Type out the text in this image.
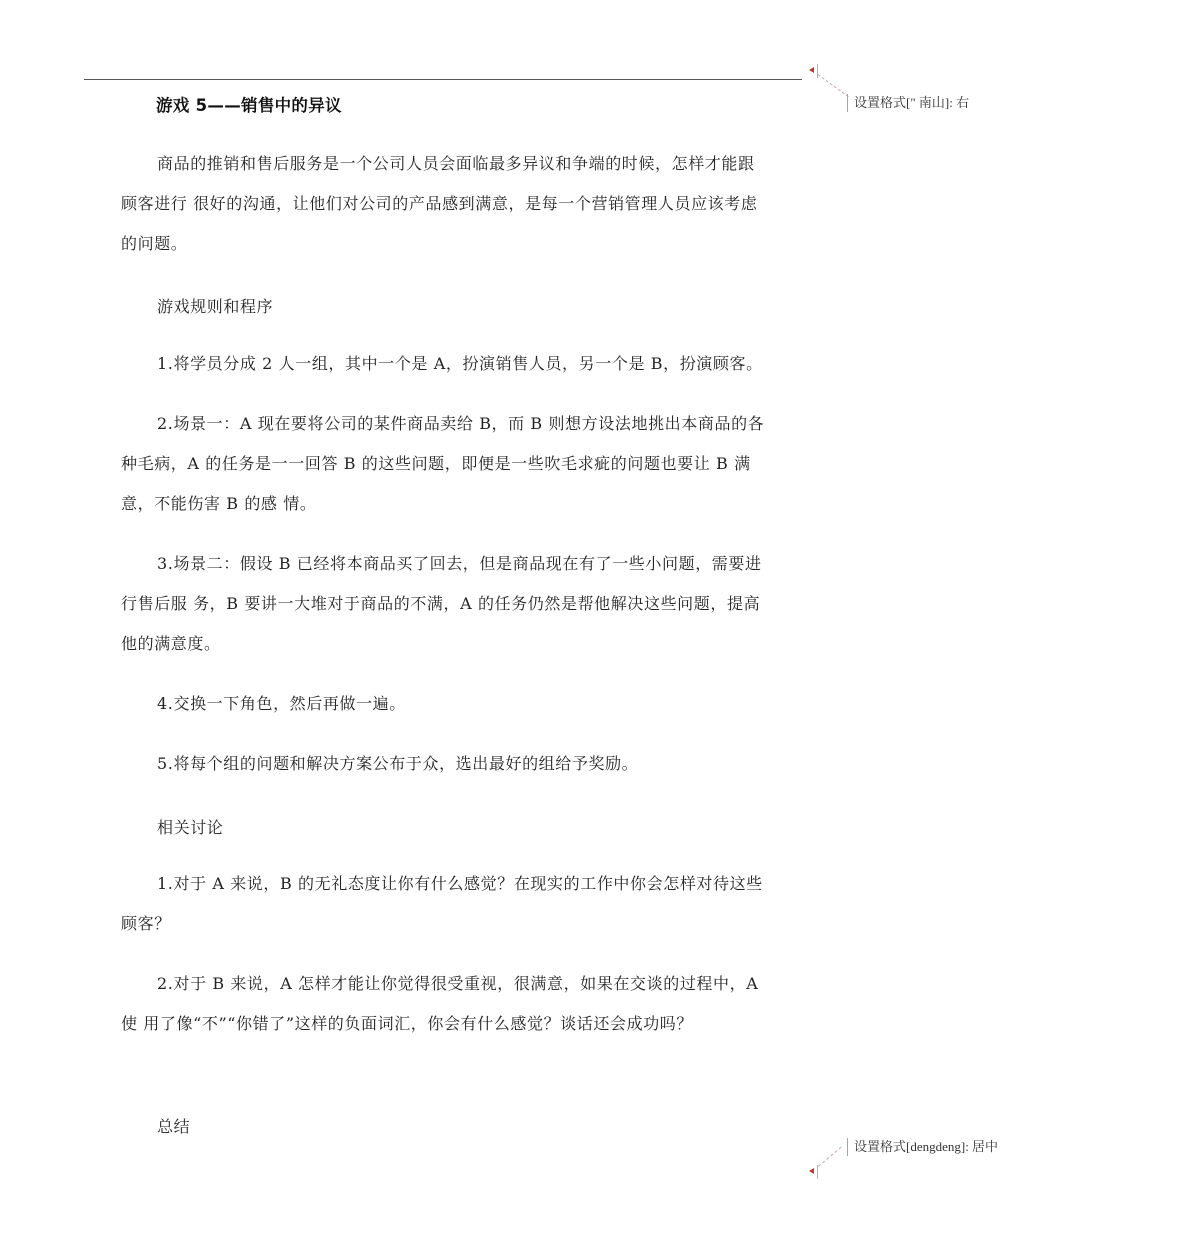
设置格式[" 南山]: 右
设置格式[dengdeng]: 居中
游戏 5——销售中的异议

商品的推销和售后服务是一个公司人员会面临最多异议和争端的时候，怎样才能跟顾客进行 很好的沟通，让他们对公司的产品感到满意，是每一个营销管理人员应该考虑的问题。

游戏规则和程序

1.将学员分成 2 人一组，其中一个是 A，扮演销售人员，另一个是 B，扮演顾客。

2.场景一：A 现在要将公司的某件商品卖给 B，而 B 则想方设法地挑出本商品的各种毛病，A 的任务是一一回答 B 的这些问题，即便是一些吹毛求疵的问题也要让 B 满意，不能伤害 B 的感 情。

3.场景二：假设 B 已经将本商品买了回去，但是商品现在有了一些小问题，需要进行售后服 务，B 要讲一大堆对于商品的不满，A 的任务仍然是帮他解决这些问题，提高他的满意度。

4.交换一下角色，然后再做一遍。

5.将每个组的问题和解决方案公布于众，选出最好的组给予奖励。

相关讨论

1.对于 A 来说，B 的无礼态度让你有什么感觉？在现实的工作中你会怎样对待这些顾客？

2.对于 B 来说，A 怎样才能让你觉得很受重视，很满意，如果在交谈的过程中，A 使 用了像“不”“你错了”这样的负面词汇，你会有什么感觉？谈话还会成功吗？

总结
